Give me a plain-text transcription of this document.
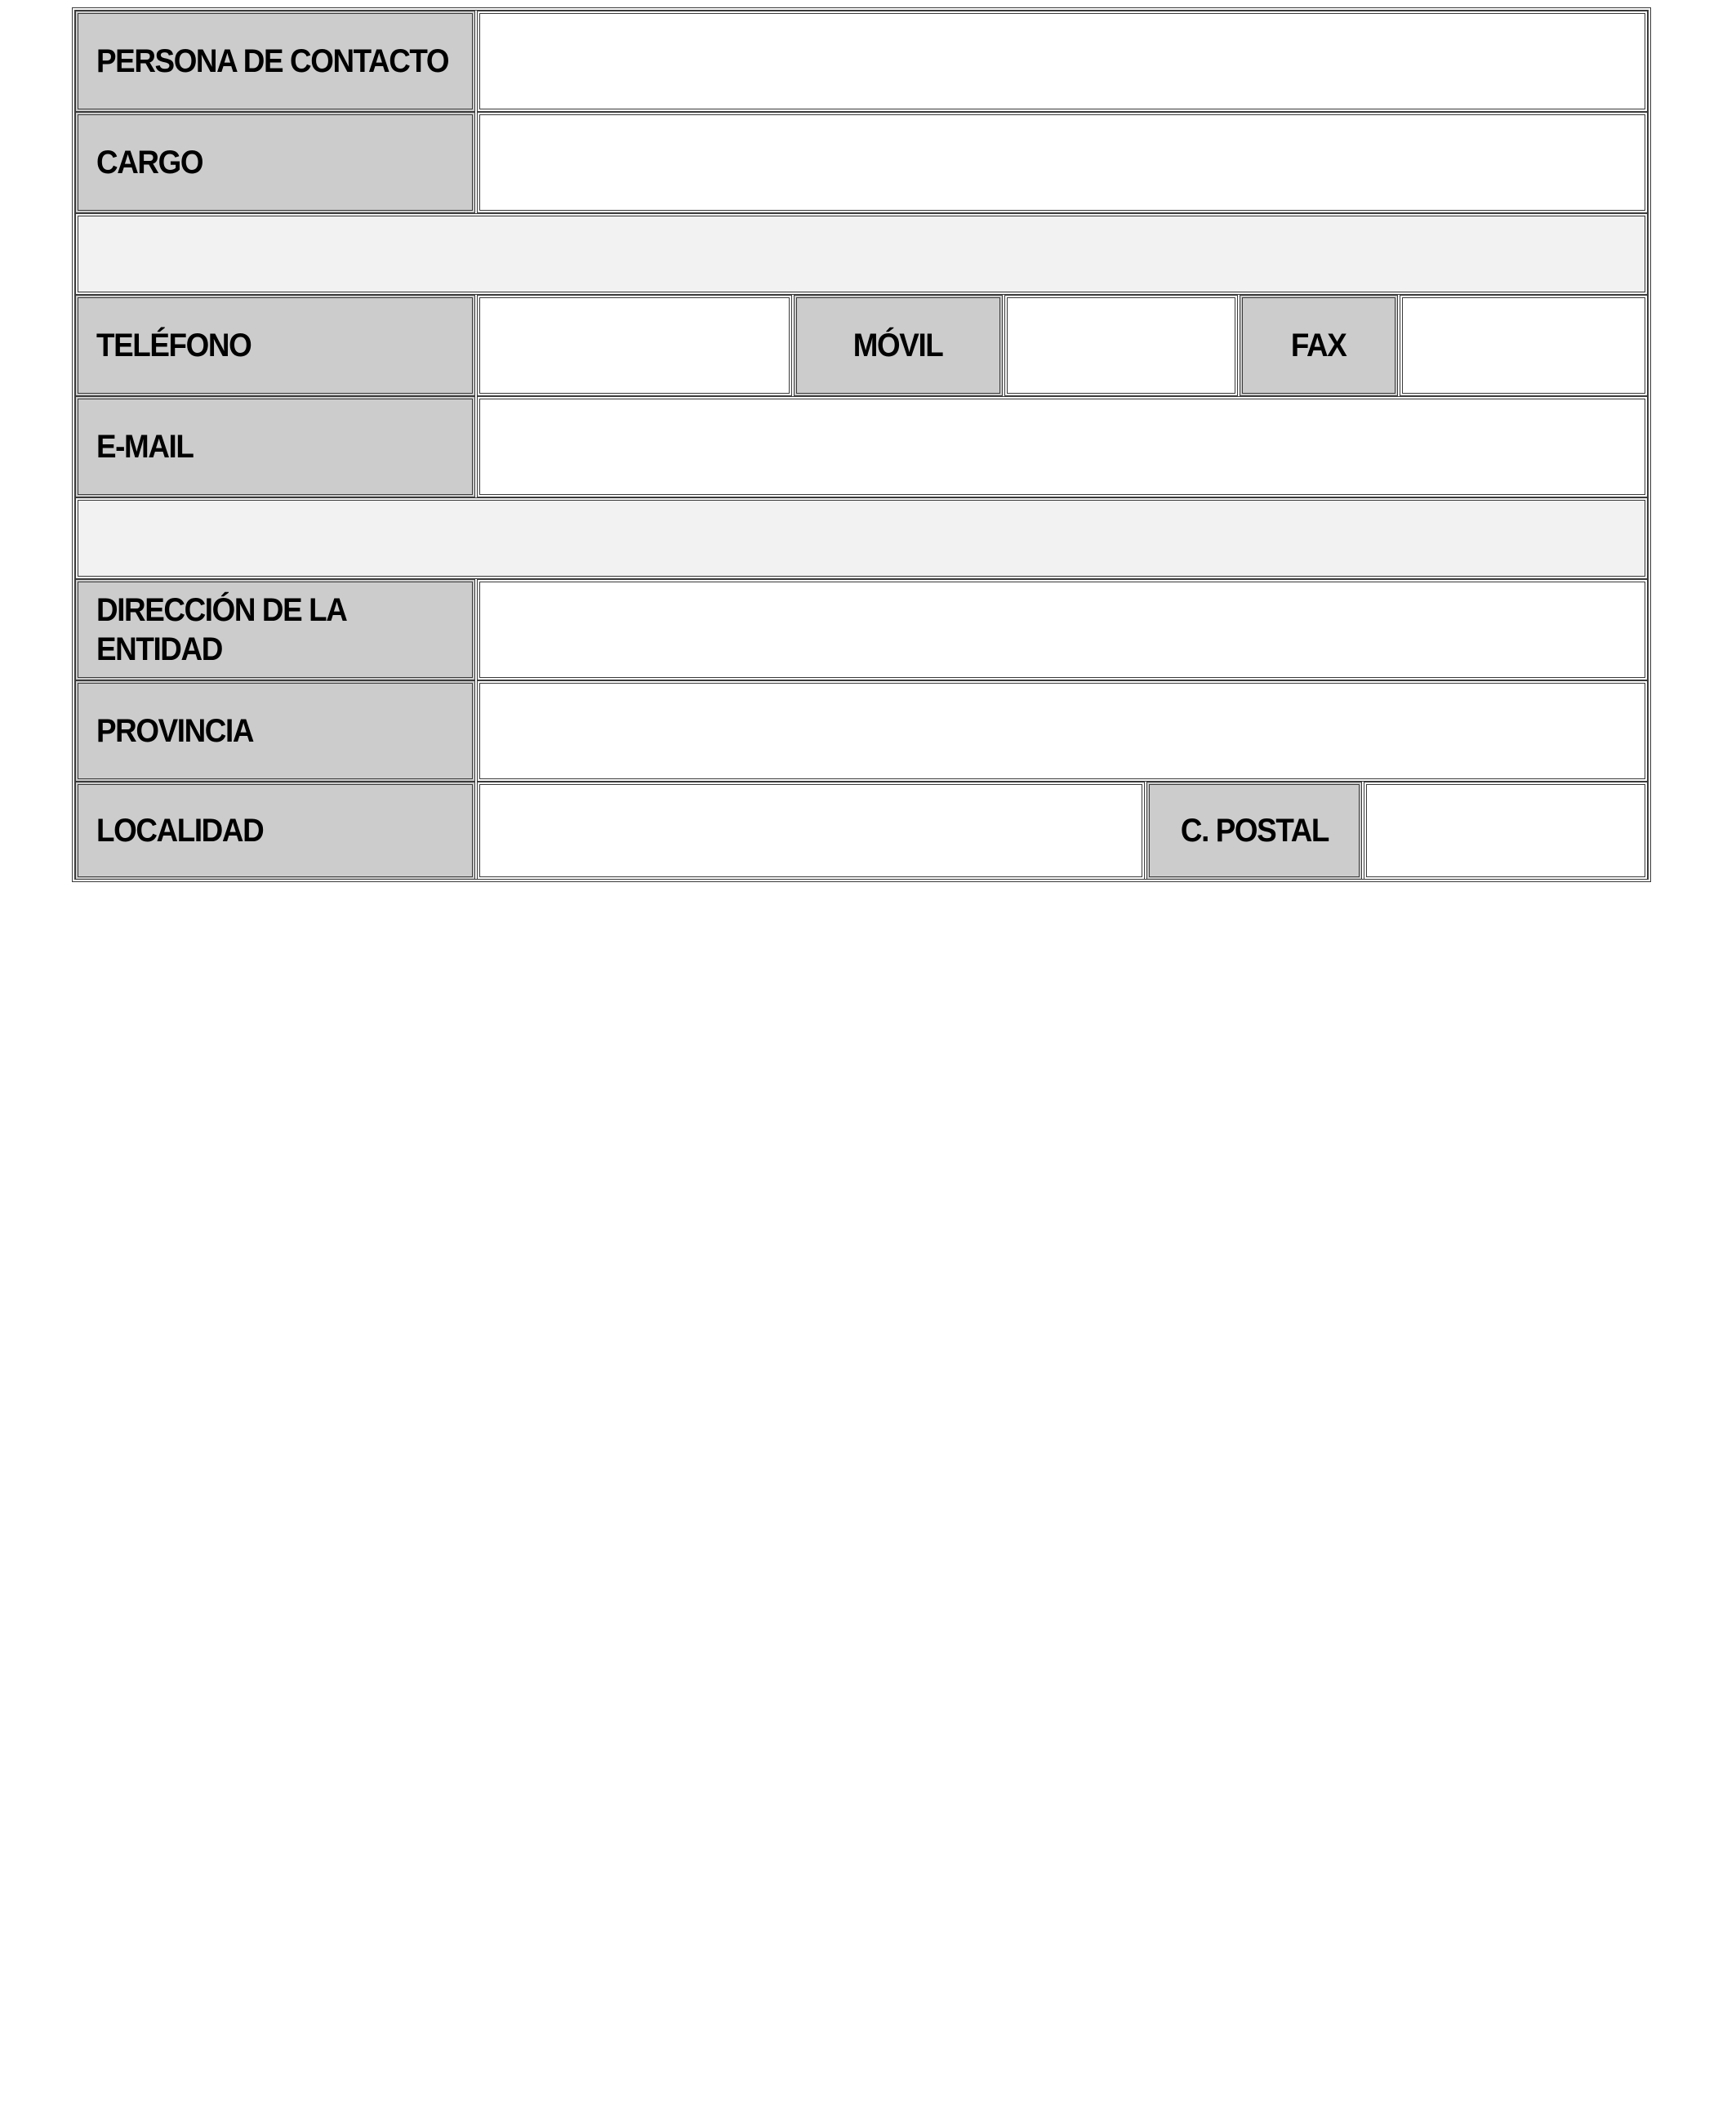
PERSONA DE CONTACTO
CARGO
TELÉFONO	MÓVIL	FAX
E-MAIL
DIRECCIÓN DE LA
ENTIDAD
PROVINCIA
LOCALIDAD	C. POSTAL
